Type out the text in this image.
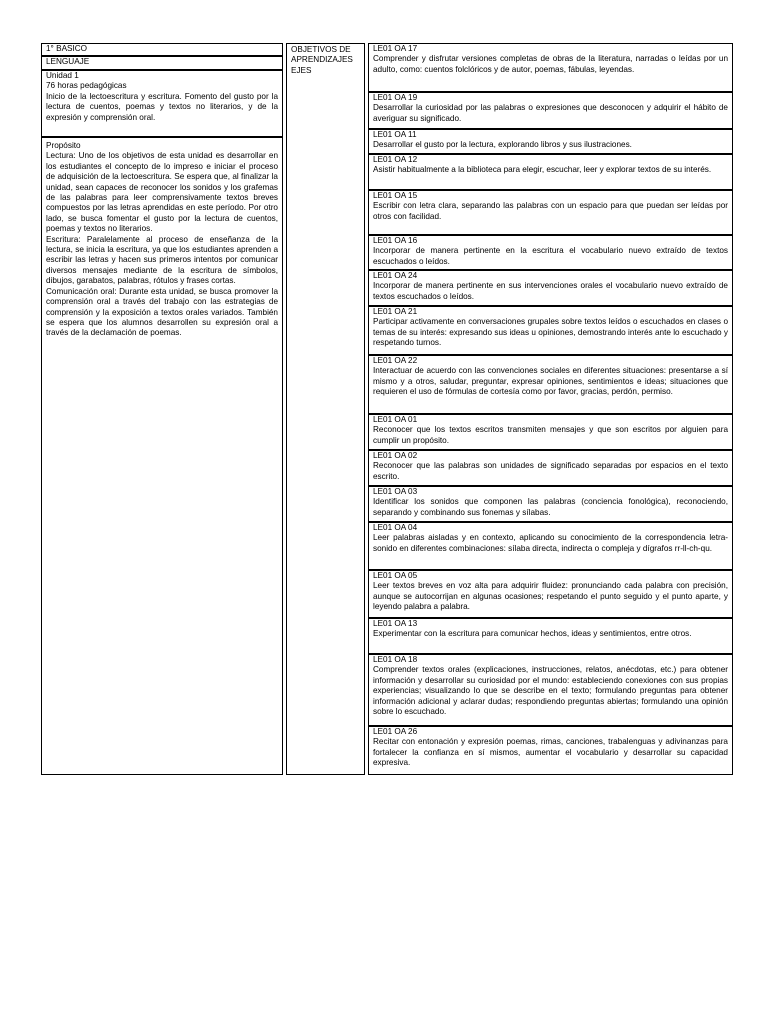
1° BASICO
LENGUAJE
Unidad 1
76 horas pedagógicas
Inicio de la lectoescritura y escritura. Fomento del gusto por la lectura de cuentos, poemas y textos no literarios, y de la expresión y comprensión oral.
Propósito
Lectura: Uno de los objetivos de esta unidad es desarrollar en los estudiantes el concepto de lo impreso e iniciar el proceso de adquisición de la lectoescritura. Se espera que, al finalizar la unidad, sean capaces de reconocer los sonidos y los grafemas de las palabras para leer comprensivamente textos breves compuestos por las letras aprendidas en este período. Por otro lado, se busca fomentar el gusto por la lectura de cuentos, poemas y textos no literarios.
Escritura: Paralelamente al proceso de enseñanza de la lectura, se inicia la escritura, ya que los estudiantes aprenden a escribir las letras y hacen sus primeros intentos por comunicar diversos mensajes mediante de la escritura de símbolos, dibujos, garabatos, palabras, rótulos y frases cortas.
Comunicación oral: Durante esta unidad, se busca promover la comprensión oral a través del trabajo con las estrategias de comprensión y la exposición a textos orales variados. También se espera que los alumnos desarrollen su expresión oral a través de la declamación de poemas.
OBJETIVOS DE
APRENDIZAJES
EJES
LE01 OA 17
Comprender y disfrutar versiones completas de obras de la literatura, narradas o leídas por un adulto, como: cuentos folclóricos y de autor, poemas, fábulas, leyendas.
LE01 OA 19
Desarrollar la curiosidad por las palabras o expresiones que desconocen y adquirir el hábito de averiguar su significado.
LE01 OA 11
Desarrollar el gusto por la lectura, explorando libros y sus ilustraciones.
LE01 OA 12
Asistir habitualmente a la biblioteca para elegir, escuchar, leer y explorar textos de su interés.
LE01 OA 15
Escribir con letra clara, separando las palabras con un espacio para que puedan ser leídas por otros con facilidad.
LE01 OA 16
Incorporar de manera pertinente en la escritura el vocabulario nuevo extraído de textos escuchados o leídos.
LE01 OA 24
Incorporar de manera pertinente en sus intervenciones orales el vocabulario nuevo extraído de textos escuchados o leídos.
LE01 OA 21
Participar activamente en conversaciones grupales sobre textos leídos o escuchados en clases o temas de su interés: expresando sus ideas u opiniones, demostrando interés ante lo escuchado y respetando turnos.
LE01 OA 22
Interactuar de acuerdo con las convenciones sociales en diferentes situaciones: presentarse a sí mismo y a otros, saludar, preguntar, expresar opiniones, sentimientos e ideas; situaciones que requieren el uso de fórmulas de cortesía como por favor, gracias, perdón, permiso.
LE01 OA 01
Reconocer que los textos escritos transmiten mensajes y que son escritos por alguien para cumplir un propósito.
LE01 OA 02
Reconocer que las palabras son unidades de significado separadas por espacios en el texto escrito.
LE01 OA 03
Identificar los sonidos que componen las palabras (conciencia fonológica), reconociendo, separando y combinando sus fonemas y sílabas.
LE01 OA 04
Leer palabras aisladas y en contexto, aplicando su conocimiento de la correspondencia letra-sonido en diferentes combinaciones: sílaba directa, indirecta o compleja y dígrafos rr-ll-ch-qu.
LE01 OA 05
Leer textos breves en voz alta para adquirir fluidez: pronunciando cada palabra con precisión, aunque se autocorrijan en algunas ocasiones; respetando el punto seguido y el punto aparte, y leyendo palabra a palabra.
LE01 OA 13
Experimentar con la escritura para comunicar hechos, ideas y sentimientos, entre otros.
LE01 OA 18
Comprender textos orales (explicaciones, instrucciones, relatos, anécdotas, etc.) para obtener información y desarrollar su curiosidad por el mundo: estableciendo conexiones con sus propias experiencias; visualizando lo que se describe en el texto; formulando preguntas para obtener información adicional y aclarar dudas; respondiendo preguntas abiertas; formulando una opinión sobre lo escuchado.
LE01 OA 26
Recitar con entonación y expresión poemas, rimas, canciones, trabalenguas y adivinanzas para fortalecer la confianza en sí mismos, aumentar el vocabulario y desarrollar su capacidad expresiva.
